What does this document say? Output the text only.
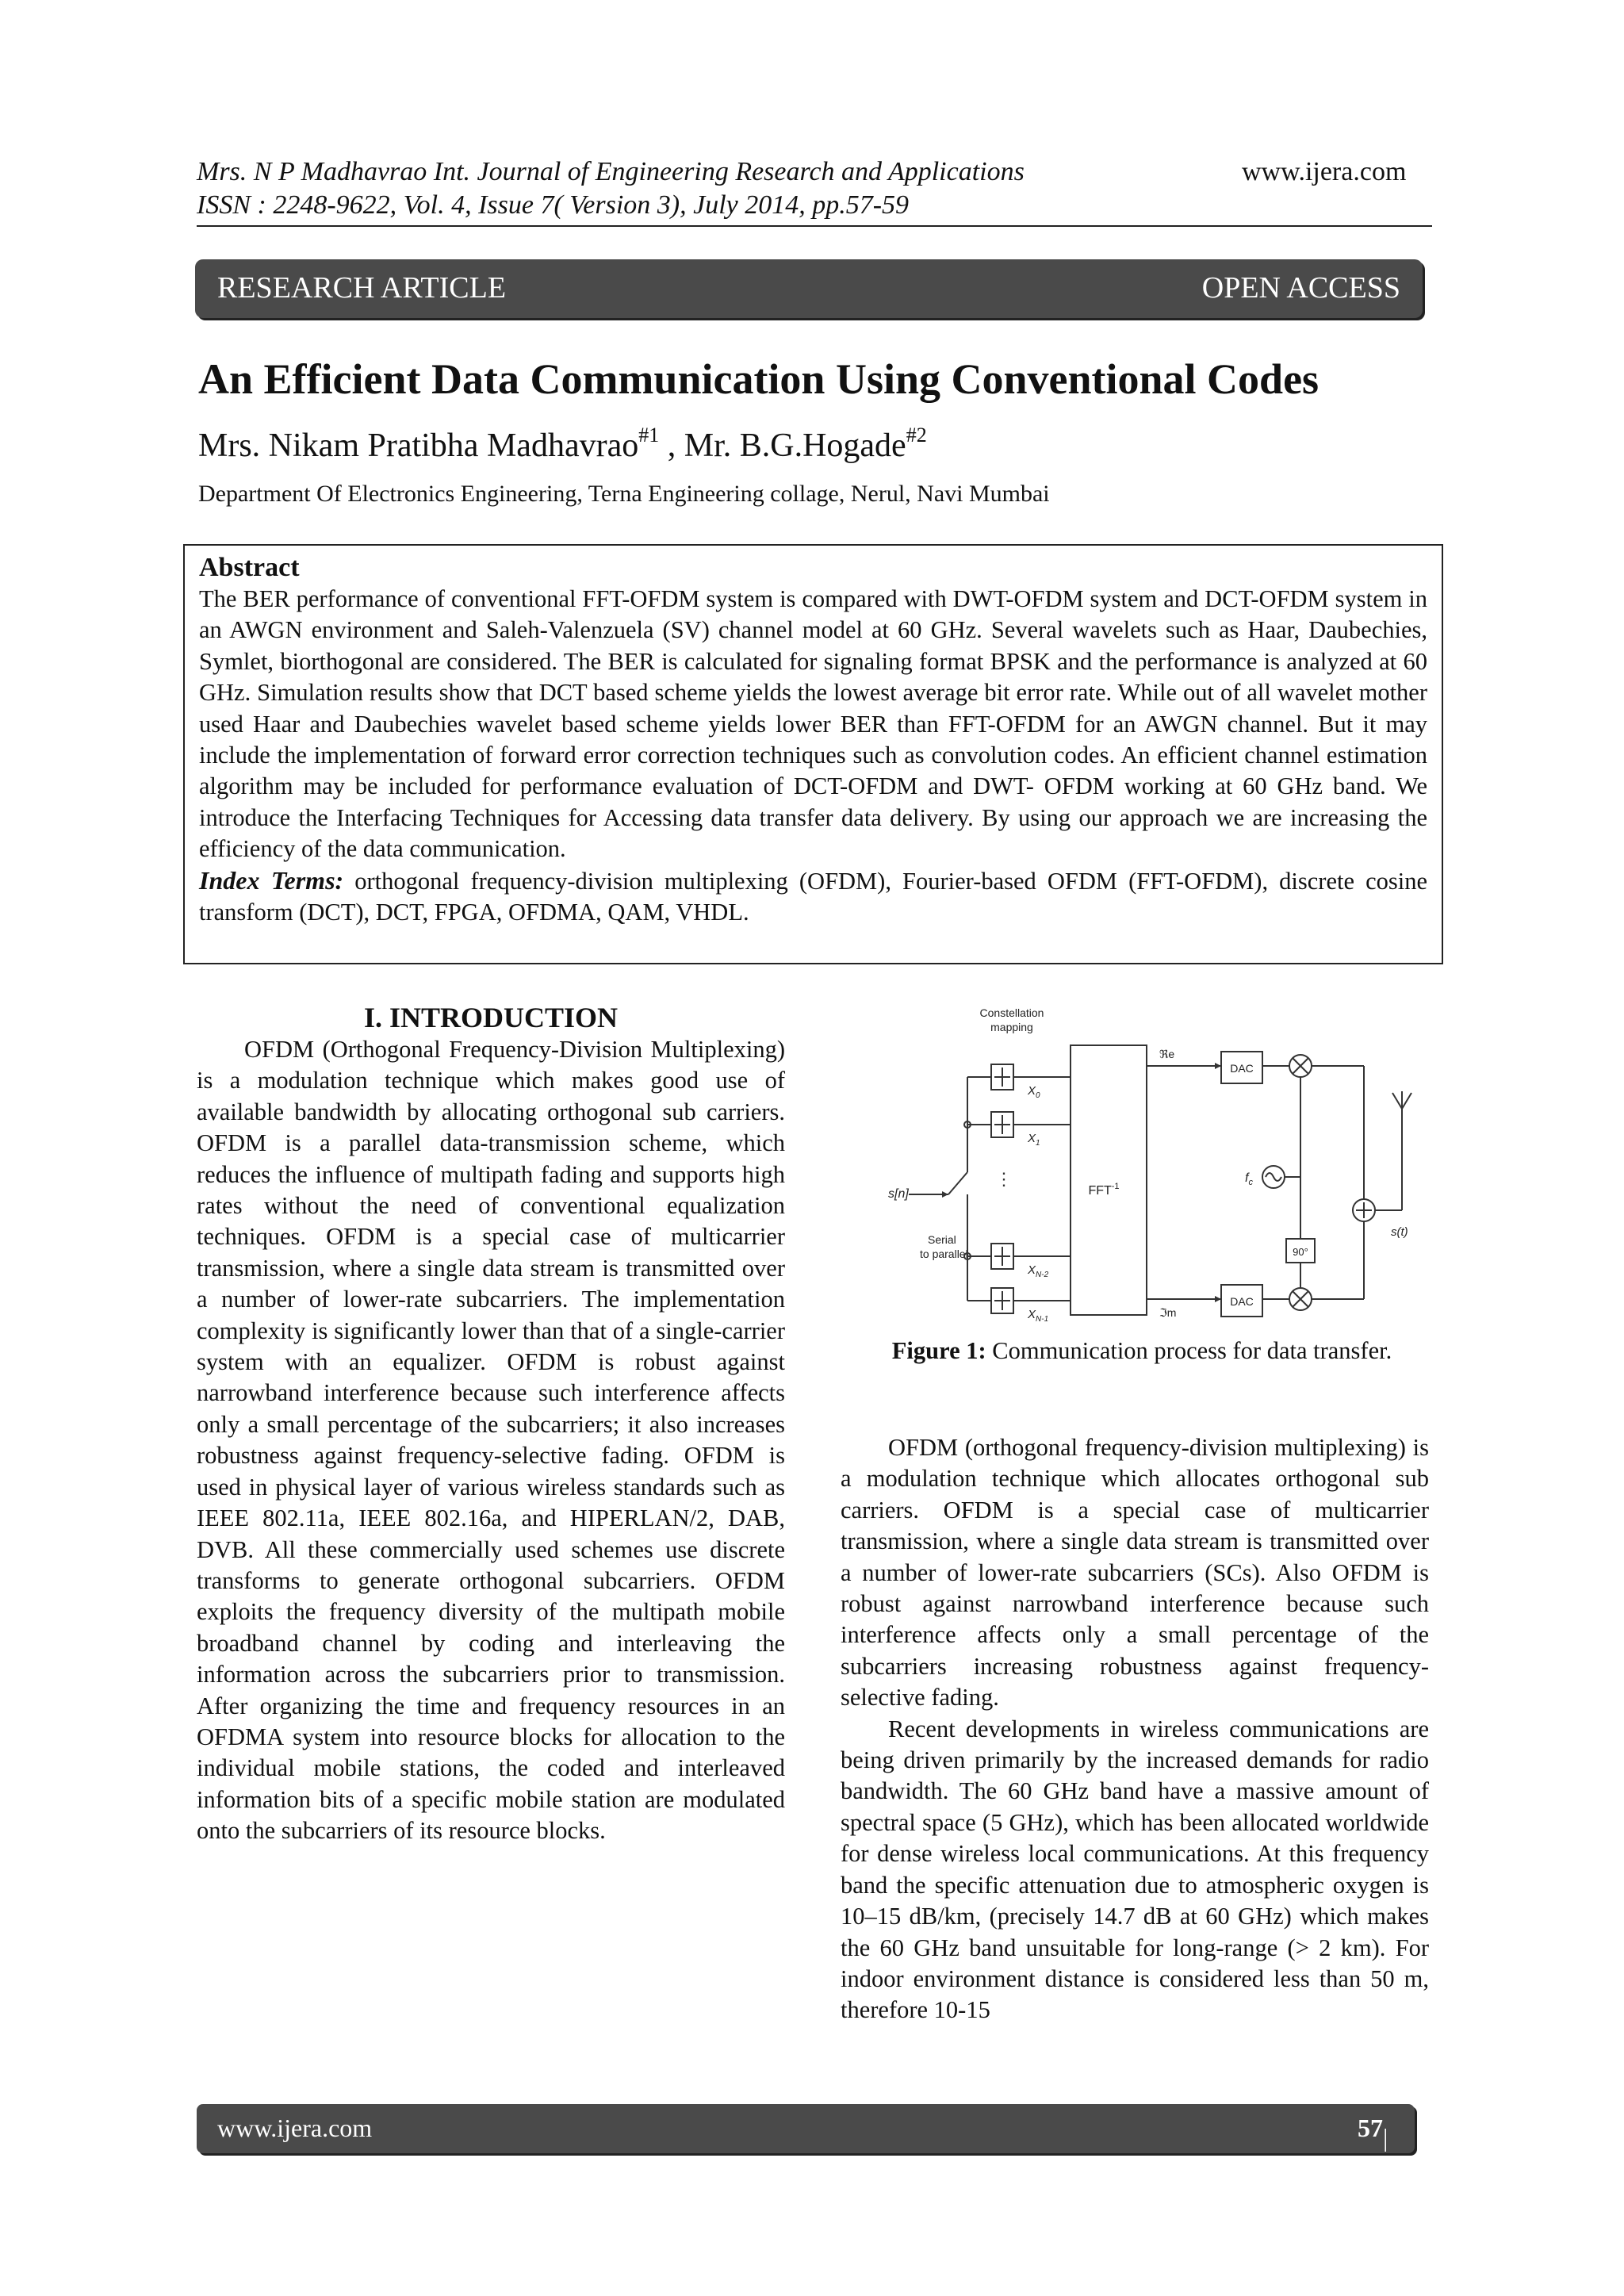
Mrs. N P Madhavrao Int. Journal of Engineering Research and Applications	www.ijera.com
ISSN : 2248-9622, Vol. 4, Issue 7( Version 3), July 2014, pp.57-59
RESEARCH ARTICLE	OPEN ACCESS
An Efficient Data Communication Using Conventional Codes
Mrs. Nikam Pratibha Madhavrao$^{\#1}$ , Mr. B.G.Hogade$^{\#2}$
Department Of Electronics Engineering, Terna Engineering collage, Nerul, Navi Mumbai
Abstract

The BER performance of conventional FFT-OFDM system is compared with DWT-OFDM system and DCT-OFDM system in an AWGN environment and Saleh-Valenzuela (SV) channel model at 60 GHz. Several wavelets such as Haar, Daubechies, Symlet, biorthogonal are considered. The BER is calculated for signaling format BPSK and the performance is analyzed at 60 GHz. Simulation results show that DCT based scheme yields the lowest average bit error rate. While out of all wavelet mother used Haar and Daubechies wavelet based scheme yields lower BER than FFT-OFDM for an AWGN channel. But it may include the implementation of forward error correction techniques such as convolution codes. An efficient channel estimation algorithm may be included for performance evaluation of DCT-OFDM and DWT- OFDM working at 60 GHz band. We introduce the Interfacing Techniques for Accessing data transfer data delivery. By using our approach we are increasing the efficiency of the data communication.

Index Terms: orthogonal frequency-division multiplexing (OFDM), Fourier-based OFDM (FFT-OFDM), discrete cosine transform (DCT), DCT, FPGA, OFDMA, QAM, VHDL.

I. INTRODUCTION

OFDM (Orthogonal Frequency-Division Multiplexing) is a modulation technique which makes good use of available bandwidth by allocating orthogonal sub carriers. OFDM is a parallel data-transmission scheme, which reduces the influence of multipath fading and supports high rates without the need of conventional equalization techniques. OFDM is a special case of multicarrier transmission, where a single data stream is transmitted over a number of lower-rate subcarriers. The implementation complexity is significantly lower than that of a single-carrier system with an equalizer. OFDM is robust against narrowband interference because such interference affects only a small percentage of the subcarriers; it also increases robustness against frequency-selective fading. OFDM is used in physical layer of various wireless standards such as IEEE 802.11a, IEEE 802.16a, and HIPERLAN/2, DAB, DVB. All these commercially used schemes use discrete transforms to generate orthogonal subcarriers. OFDM exploits the frequency diversity of the multipath mobile broadband channel by coding and interleaving the information across the subcarriers prior to transmission. After organizing the time and frequency resources in an OFDMA system into resource blocks for allocation to the individual mobile stations, the coded and interleaved information bits of a specific mobile station are modulated onto the subcarriers of its resource blocks.

Constellation
mapping
s[n]
Serial
to parallel
⋮
$X_0$
$X_1$
$X_{N-2}$
$X_{N-1}$
$FFT^{-1}$
ℜe
DAC
ℑm
DAC
$f_c$
90°
s(t)
Figure 1: Communication process for data transfer.

OFDM (orthogonal frequency-division multiplexing) is a modulation technique which allocates orthogonal sub carriers. OFDM is a special case of multicarrier transmission, where a single data stream is transmitted over a number of lower-rate subcarriers (SCs). Also OFDM is robust against narrowband interference because such interference affects only a small percentage of the subcarriers increasing robustness against frequency-selective fading.

Recent developments in wireless communications are being driven primarily by the increased demands for radio bandwidth. The 60 GHz band have a massive amount of spectral space (5 GHz), which has been allocated worldwide for dense wireless local communications. At this frequency band the specific attenuation due to atmospheric oxygen is 10–15 dB/km, (precisely 14.7 dB at 60 GHz) which makes the 60 GHz band unsuitable for long-range (> 2 km). For indoor environment distance is considered less than 50 m, therefore 10-15

www.ijera.com	57 | P a g e
